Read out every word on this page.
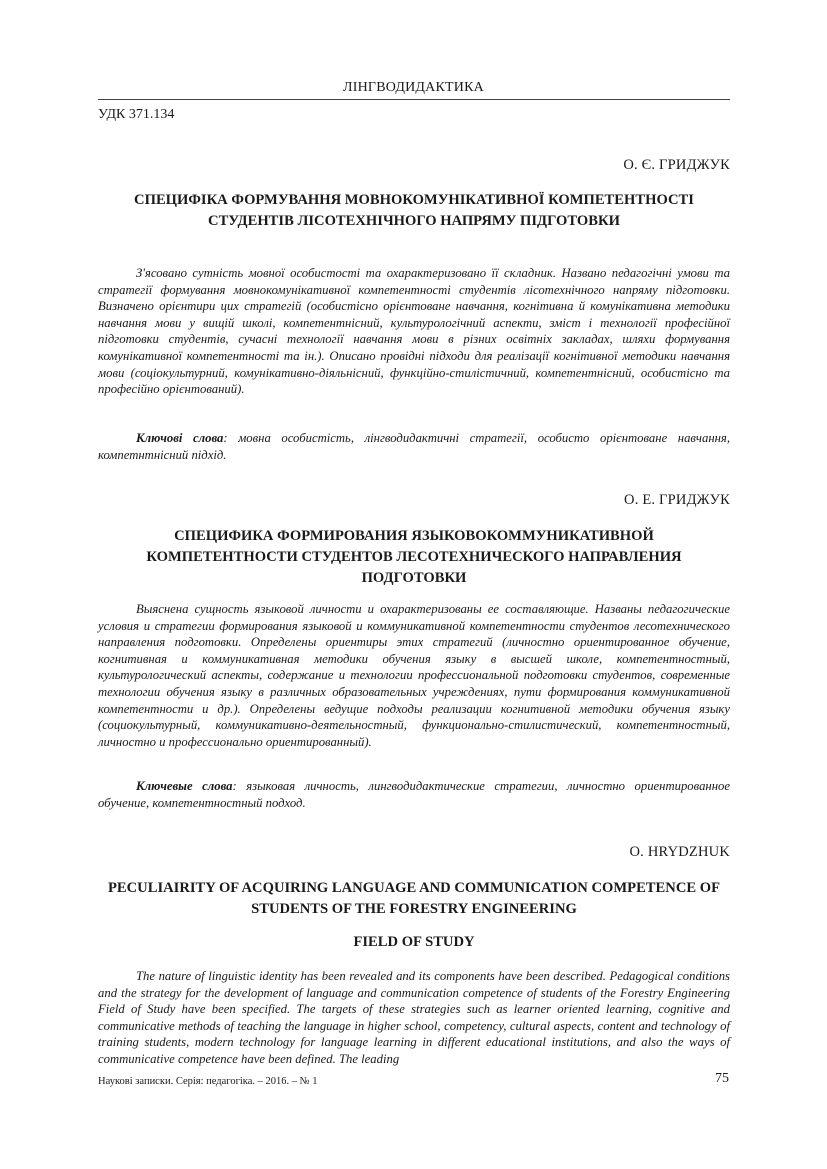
ЛІНГВОДИДАКТИКА
УДК 371.134
О. Є. ГРИДЖУК
СПЕЦИФІКА ФОРМУВАННЯ МОВНОКОМУНІКАТИВНОЇ КОМПЕТЕНТНОСТІ СТУДЕНТІВ ЛІСОТЕХНІЧНОГО НАПРЯМУ ПІДГОТОВКИ
З'ясовано сутність мовної особистості та охарактеризовано її складник. Названо педагогічні умови та стратегії формування мовнокомунікативної компетентності студентів лісотехнічного напряму підготовки. Визначено орієнтири цих стратегій (особистісно орієнтоване навчання, когнітивна й комунікативна методики навчання мови у вищій школі, компетентнісний, культурологічний аспекти, зміст і технології професійної підготовки студентів, сучасні технології навчання мови в різних освітніх закладах, шляхи формування комунікативної компетентності та ін.). Описано провідні підходи для реалізації когнітивної методики навчання мови (соціокультурний, комунікативно-діяльнісний, функційно-стилістичний, компетентнісний, особистісно та професійно орієнтований).
Ключові слова: мовна особистість, лінгводидактичні стратегії, особисто орієнтоване навчання, компетнтнісний підхід.
О. Е. ГРИДЖУК
СПЕЦИФИКА ФОРМИРОВАНИЯ ЯЗЫКОВОКОММУНИКАТИВНОЙ КОМПЕТЕНТНОСТИ СТУДЕНТОВ ЛЕСОТЕХНИЧЕСКОГО НАПРАВЛЕНИЯ ПОДГОТОВКИ
Выяснена сущность языковой личности и охарактеризованы ее составляющие. Названы педагогические условия и стратегии формирования языковой и коммуникативной компетентности студентов лесотехнического направления подготовки. Определены ориентиры этих стратегий (личностно ориентированное обучение, когнитивная и коммуникативная методики обучения языку в высшей школе, компетентностный, культурологический аспекты, содержание и технологии профессиональной подготовки студентов, современные технологии обучения языку в различных образовательных учреждениях, пути формирования коммуникативной компетентности и др.). Определены ведущие подходы реализации когнитивной методики обучения языку (социокультурный, коммуникативно-деятельностный, функционально-стилистический, компетентностный, личностно и профессионально ориентированный).
Ключевые слова: языковая личность, лингводидактические стратегии, личностно ориентированное обучение, компетентностный подход.
O. HRYDZHUK
PECULIAIRITY OF ACQUIRING LANGUAGE AND COMMUNICATION COMPETENCE OF STUDENTS OF THE FORESTRY ENGINEERING
FIELD OF STUDY
The nature of linguistic identity has been revealed and its components have been described. Pedagogical conditions and the strategy for the development of language and communication competence of students of the Forestry Engineering Field of Study have been specified. The targets of these strategies such as learner oriented learning, cognitive and communicative methods of teaching the language in higher school, competency, cultural aspects, content and technology of training students, modern technology for language learning in different educational institutions, and also the ways of communicative competence have been defined. The leading
Наукові записки. Серія: педагогіка. – 2016. – № 1	75
